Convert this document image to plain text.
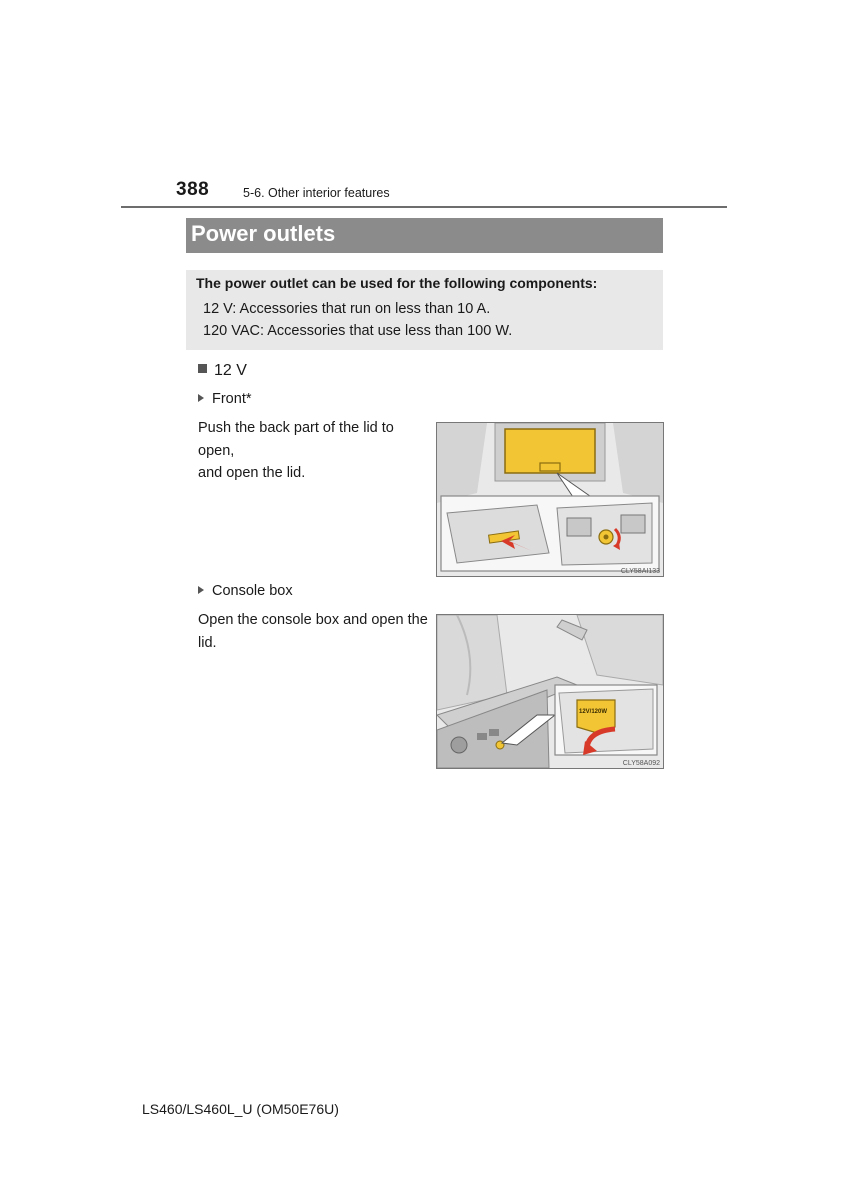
388	5-6. Other interior features
Power outlets
The power outlet can be used for the following components:
12 V: Accessories that run on less than 10 A.
120 VAC: Accessories that use less than 100 W.
12 V
Front*
Push the back part of the lid to open,
and open the lid.
CLY58AI133
Console box
Open the console box and open the
lid.
12V/120W
CLY58A092
LS460/LS460L_U (OM50E76U)
